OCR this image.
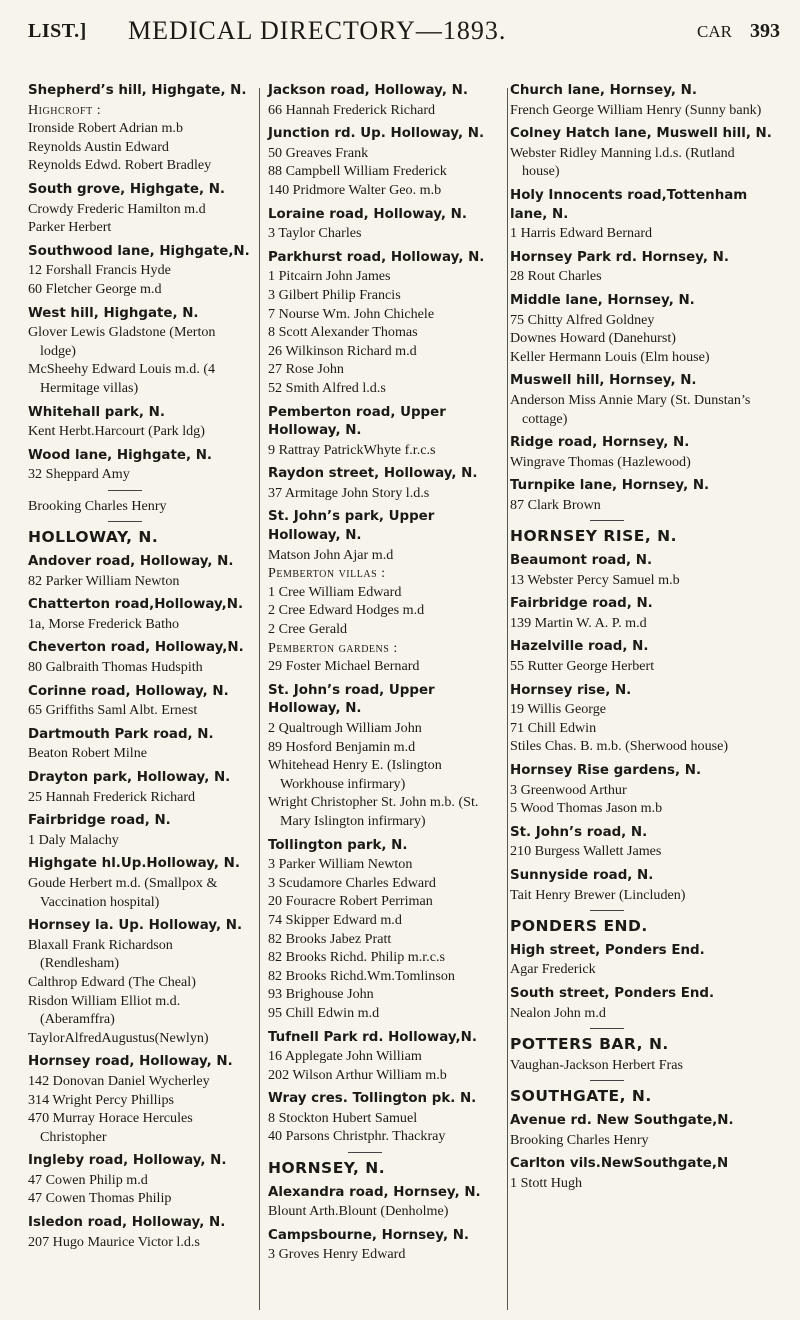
LIST.] MEDICAL DIRECTORY—1893.	CAR 393

Shepherd’s hill, Highgate, N.

Highcroft :

Ironside Robert Adrian m.b

Reynolds Austin Edward

Reynolds Edwd. Robert Bradley

South grove, Highgate, N.

Crowdy Frederic Hamilton m.d

Parker Herbert

Southwood lane, Highgate,N.

12 Forshall Francis Hyde

60 Fletcher George m.d

West hill, Highgate, N.

Glover Lewis Gladstone (Merton lodge)

McSheehy Edward Louis m.d. (4 Hermitage villas)

Whitehall park, N.

Kent Herbt.Harcourt (Park ldg)

Wood lane, Highgate, N.

32 Sheppard Amy

Brooking Charles Henry

HOLLOWAY, N.

Andover road, Holloway, N.

82 Parker William Newton

Chatterton road,Holloway,N.

1a, Morse Frederick Batho

Cheverton road, Holloway,N.

80 Galbraith Thomas Hudspith

Corinne road, Holloway, N.

65 Griffiths Saml Albt. Ernest

Dartmouth Park road, N.

Beaton Robert Milne

Drayton park, Holloway, N.

25 Hannah Frederick Richard

Fairbridge road, N.

1 Daly Malachy

Highgate hl.Up.Holloway, N.

Goude Herbert m.d. (Smallpox & Vaccination hospital)

Hornsey la. Up. Holloway, N.

Blaxall Frank Richardson (Rendlesham)

Calthrop Edward (The Cheal)

Risdon William Elliot m.d. (Aberamffra)

TaylorAlfredAugustus(Newlyn)

Hornsey road, Holloway, N.

142 Donovan Daniel Wycherley

314 Wright Percy Phillips

470 Murray Horace Hercules Christopher

Ingleby road, Holloway, N.

47 Cowen Philip m.d

47 Cowen Thomas Philip

Isledon road, Holloway, N.

207 Hugo Maurice Victor l.d.s

Jackson road, Holloway, N.

66 Hannah Frederick Richard

Junction rd. Up. Holloway, N.

50 Greaves Frank

88 Campbell William Frederick

140 Pridmore Walter Geo. m.b

Loraine road, Holloway, N.

3 Taylor Charles

Parkhurst road, Holloway, N.

1 Pitcairn John James

3 Gilbert Philip Francis

7 Nourse Wm. John Chichele

8 Scott Alexander Thomas

26 Wilkinson Richard m.d

27 Rose John

52 Smith Alfred l.d.s

Pemberton road, Upper Holloway, N.

9 Rattray PatrickWhyte f.r.c.s

Raydon street, Holloway, N.

37 Armitage John Story l.d.s

St. John’s park, Upper Holloway, N.

Matson John Ajar m.d

Pemberton villas :

1 Cree William Edward

2 Cree Edward Hodges m.d

2 Cree Gerald

Pemberton gardens :

29 Foster Michael Bernard

St. John’s road, Upper Holloway, N.

2 Qualtrough William John

89 Hosford Benjamin m.d

Whitehead Henry E. (Islington Workhouse infirmary)

Wright Christopher St. John m.b. (St. Mary Islington infirmary)

Tollington park, N.

3 Parker William Newton

3 Scudamore Charles Edward

20 Fouracre Robert Perriman

74 Skipper Edward m.d

82 Brooks Jabez Pratt

82 Brooks Richd. Philip m.r.c.s

82 Brooks Richd.Wm.Tomlinson

93 Brighouse John

95 Chill Edwin m.d

Tufnell Park rd. Holloway,N.

16 Applegate John William

202 Wilson Arthur William m.b

Wray cres. Tollington pk. N.

8 Stockton Hubert Samuel

40 Parsons Christphr. Thackray

HORNSEY, N.

Alexandra road, Hornsey, N.

Blount Arth.Blount (Denholme)

Campsbourne, Hornsey, N.

3 Groves Henry Edward

Church lane, Hornsey, N.

French George William Henry (Sunny bank)

Colney Hatch lane, Muswell hill, N.

Webster Ridley Manning l.d.s. (Rutland house)

Holy Innocents road,Tottenham lane, N.

1 Harris Edward Bernard

Hornsey Park rd. Hornsey, N.

28 Rout Charles

Middle lane, Hornsey, N.

75 Chitty Alfred Goldney

Downes Howard (Danehurst)

Keller Hermann Louis (Elm house)

Muswell hill, Hornsey, N.

Anderson Miss Annie Mary (St. Dunstan’s cottage)

Ridge road, Hornsey, N.

Wingrave Thomas (Hazlewood)

Turnpike lane, Hornsey, N.

87 Clark Brown

HORNSEY RISE, N.

Beaumont road, N.

13 Webster Percy Samuel m.b

Fairbridge road, N.

139 Martin W. A. P. m.d

Hazelville road, N.

55 Rutter George Herbert

Hornsey rise, N.

19 Willis George

71 Chill Edwin

Stiles Chas. B. m.b. (Sherwood house)

Hornsey Rise gardens, N.

3 Greenwood Arthur

5 Wood Thomas Jason m.b

St. John’s road, N.

210 Burgess Wallett James

Sunnyside road, N.

Tait Henry Brewer (Lincluden)

PONDERS END.

High street, Ponders End.

Agar Frederick

South street, Ponders End.

Nealon John m.d

POTTERS BAR, N.

Vaughan-Jackson Herbert Fras

SOUTHGATE, N.

Avenue rd. New Southgate,N.

Brooking Charles Henry

Carlton vils.NewSouthgate,N

1 Stott Hugh
